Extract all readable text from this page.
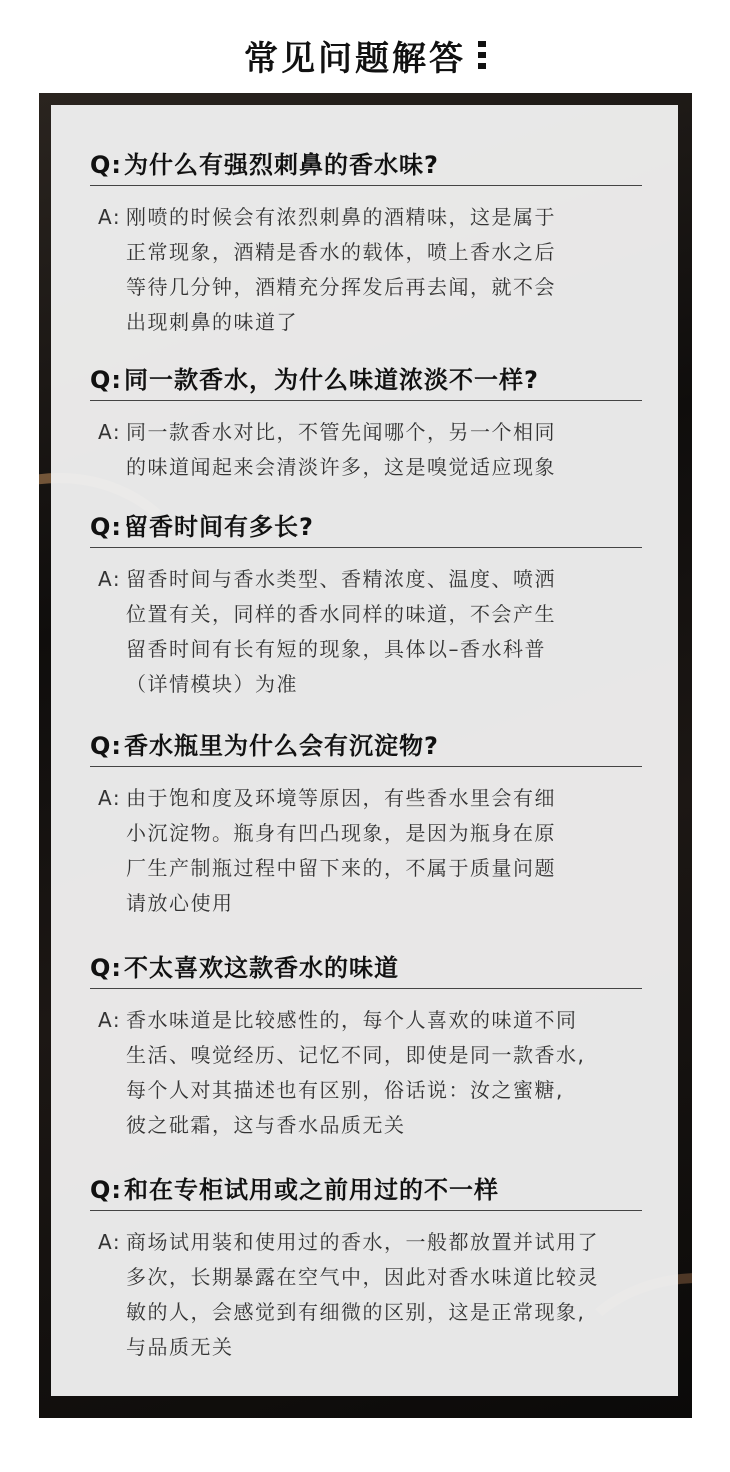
常见问题解答
Q:为什么有强烈刺鼻的香水味?
A: 刚喷的时候会有浓烈刺鼻的酒精味，这是属于
正常现象，酒精是香水的载体，喷上香水之后
等待几分钟，酒精充分挥发后再去闻，就不会
出现刺鼻的味道了
Q:同一款香水，为什么味道浓淡不一样?
A: 同一款香水对比，不管先闻哪个，另一个相同
的味道闻起来会清淡许多，这是嗅觉适应现象
Q:留香时间有多长?
A: 留香时间与香水类型、香精浓度、温度、喷洒
位置有关，同样的香水同样的味道，不会产生
留香时间有长有短的现象，具体以–香水科普
（详情模块）为准
Q:香水瓶里为什么会有沉淀物?
A: 由于饱和度及环境等原因，有些香水里会有细
小沉淀物。瓶身有凹凸现象，是因为瓶身在原
厂生产制瓶过程中留下来的，不属于质量问题
请放心使用
Q:不太喜欢这款香水的味道
A: 香水味道是比较感性的，每个人喜欢的味道不同
生活、嗅觉经历、记忆不同，即使是同一款香水,
每个人对其描述也有区别，俗话说：汝之蜜糖,
彼之砒霜，这与香水品质无关
Q:和在专柜试用或之前用过的不一样
A: 商场试用装和使用过的香水，一般都放置并试用了
多次，长期暴露在空气中，因此对香水味道比较灵
敏的人，会感觉到有细微的区别，这是正常现象,
与品质无关
